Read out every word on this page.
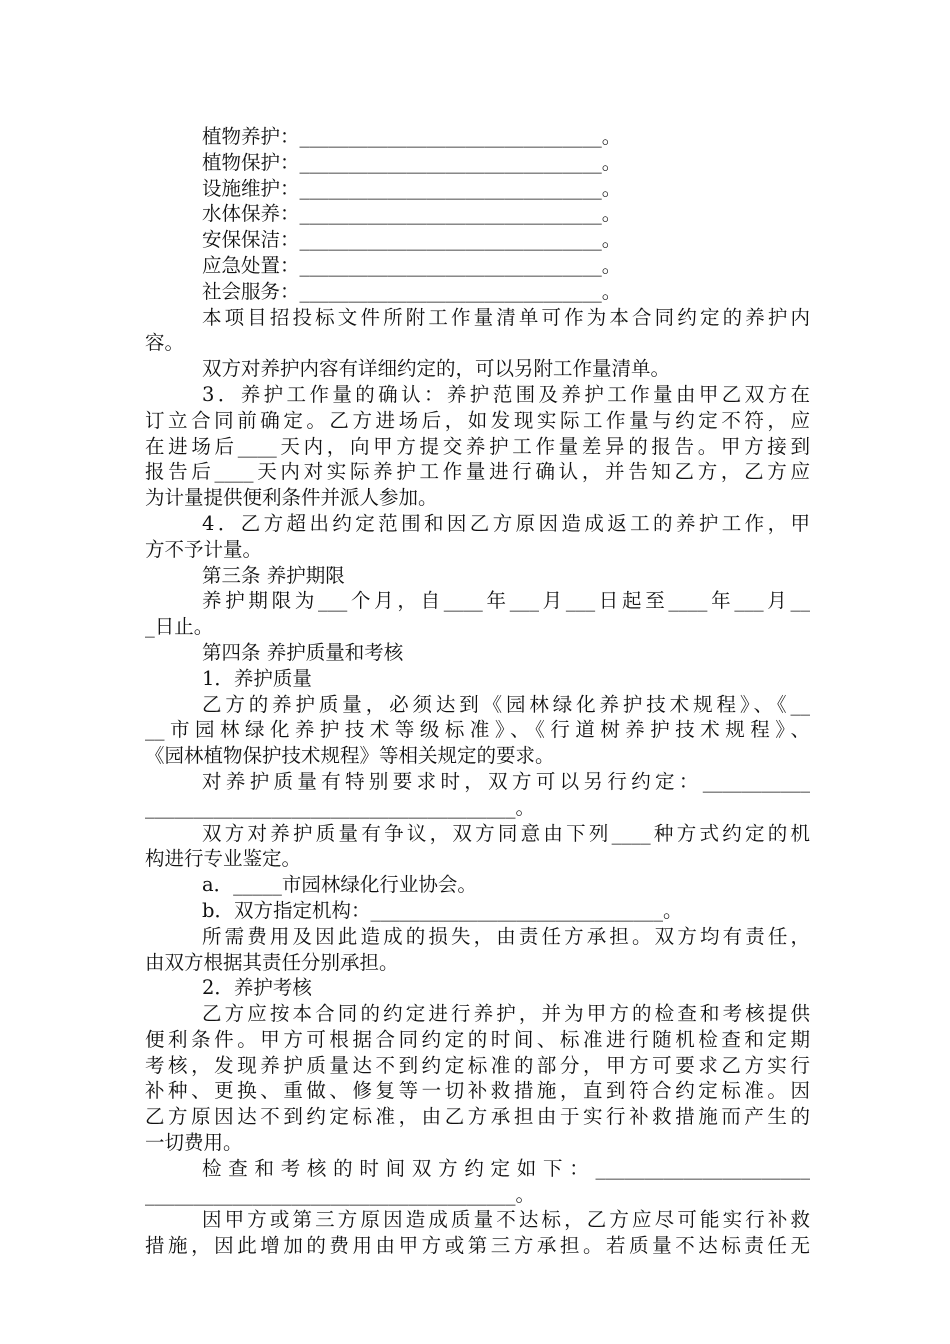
植物养护：_______________________________。
植物保护：_______________________________。
设施维护：_______________________________。
水体保养：_______________________________。
安保保洁：_______________________________。
应急处置：_______________________________。
社会服务：_______________________________。
本项目招投标文件所附工作量清单可作为本合同约定的养护内
容。
双方对养护内容有详细约定的，可以另附工作量清单。
3．养护工作量的确认：养护范围及养护工作量由甲乙双方在
订立合同前确定。乙方进场后，如发现实际工作量与约定不符，应
在进场后____天内，向甲方提交养护工作量差异的报告。甲方接到
报告后____天内对实际养护工作量进行确认，并告知乙方，乙方应
为计量提供便利条件并派人参加。
4．乙方超出约定范围和因乙方原因造成返工的养护工作，甲
方不予计量。
第三条 养护期限
养护期限为___个月，自____年___月___日起至____年___月__
_日止。
第四条 养护质量和考核
1．养护质量
乙方的养护质量，必须达到《园林绿化养护技术规程》、《__
__市园林绿化养护技术等级标准》、《行道树养护技术规程》、
《园林植物保护技术规程》等相关规定的要求。
对养护质量有特别要求时，双方可以另行约定：___________
______________________________________。
双方对养护质量有争议，双方同意由下列____种方式约定的机
构进行专业鉴定。
a．_____市园林绿化行业协会。
b．双方指定机构：______________________________。
所需费用及因此造成的损失，由责任方承担。双方均有责任，
由双方根据其责任分别承担。
2．养护考核
乙方应按本合同的约定进行养护，并为甲方的检查和考核提供
便利条件。甲方可根据合同约定的时间、标准进行随机检查和定期
考核，发现养护质量达不到约定标准的部分，甲方可要求乙方实行
补种、更换、重做、修复等一切补救措施，直到符合约定标准。因
乙方原因达不到约定标准，由乙方承担由于实行补救措施而产生的
一切费用。
检查和考核的时间双方约定如下：______________________
______________________________________。
因甲方或第三方原因造成质量不达标，乙方应尽可能实行补救
措施，因此增加的费用由甲方或第三方承担。若质量不达标责任无
